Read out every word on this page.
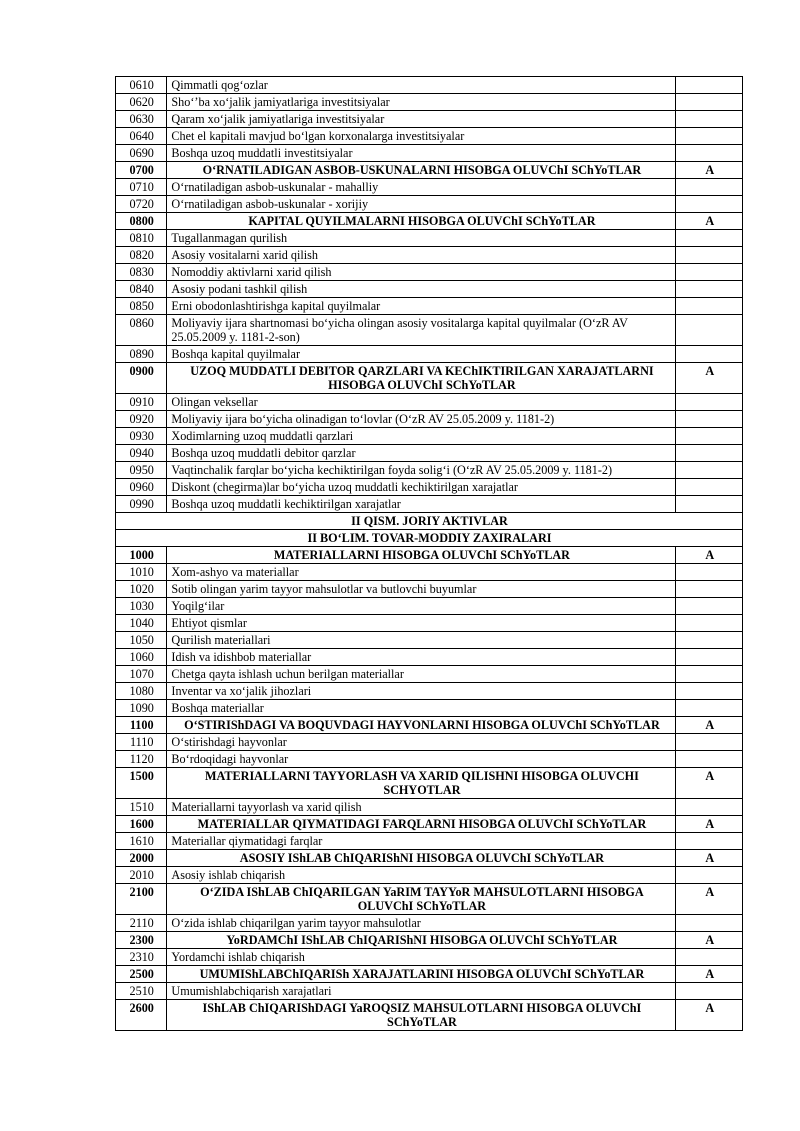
0610	Qimmatli qog‘ozlar	
0620	Sho‘’ba xo‘jalik jamiyatlariga investitsiyalar	
0630	Qaram xo‘jalik jamiyatlariga investitsiyalar	
0640	Chet el kapitali mavjud bo‘lgan korxonalarga investitsiyalar	
0690	Boshqa uzoq muddatli investitsiyalar	
0700	O‘RNATILADIGAN ASBOB-USKUNALARNI HISOBGA OLUVChI SChYoTLAR	A
0710	O‘rnatiladigan asbob-uskunalar - mahalliy	
0720	O‘rnatiladigan asbob-uskunalar - xorijiy	
0800	KAPITAL QUYILMALARNI HISOBGA OLUVChI SChYoTLAR	A
0810	Tugallanmagan qurilish	
0820	Asosiy vositalarni xarid qilish	
0830	Nomoddiy aktivlarni xarid qilish	
0840	Asosiy podani tashkil qilish	
0850	Erni obodonlashtirishga kapital quyilmalar	
0860	Moliyaviy ijara shartnomasi bo‘yicha olingan asosiy vositalarga kapital quyilmalar (O‘zR AV 25.05.2009 y. 1181-2-son)	
0890	Boshqa kapital quyilmalar	
0900	UZOQ MUDDATLI DEBITOR QARZLARI VA KEChIKTIRILGAN XARAJATLARNI HISOBGA OLUVChI SChYoTLAR	A
0910	Olingan veksellar	
0920	Moliyaviy ijara bo‘yicha olinadigan to‘lovlar (O‘zR AV 25.05.2009 y. 1181-2)	
0930	Xodimlarning uzoq muddatli qarzlari	
0940	Boshqa uzoq muddatli debitor qarzlar	
0950	Vaqtinchalik farqlar bo‘yicha kechiktirilgan foyda solig‘i (O‘zR AV 25.05.2009 y. 1181-2)	
0960	Diskont (chegirma)lar bo‘yicha uzoq muddatli kechiktirilgan xarajatlar	
0990	Boshqa uzoq muddatli kechiktirilgan xarajatlar	
II QISM. JORIY AKTIVLAR		
II BO‘LIM. TOVAR-MODDIY ZAXIRALARI		
1000	MATERIALLARNI HISOBGA OLUVChI SChYoTLAR	A
1010	Xom-ashyo va materiallar	
1020	Sotib olingan yarim tayyor mahsulotlar va butlovchi buyumlar	
1030	Yoqilg‘ilar	
1040	Ehtiyot qismlar	
1050	Qurilish materiallari	
1060	Idish va idishbob materiallar	
1070	Chetga qayta ishlash uchun berilgan materiallar	
1080	Inventar va xo‘jalik jihozlari	
1090	Boshqa materiallar	
1100	O‘STIRIShDAGI VA BOQUVDAGI HAYVONLARNI HISOBGA OLUVChI SChYoTLAR	A
1110	O‘stirishdagi hayvonlar	
1120	Bo‘rdoqidagi hayvonlar	
1500	MATERIALLARNI TAYYORLASH VA XARID QILISHNI HISOBGA OLUVCHI SCHYOTLAR	A
1510	Materiallarni tayyorlash va xarid qilish	
1600	MATERIALLAR QIYMATIDAGI FARQLARNI HISOBGA OLUVChI SChYoTLAR	A
1610	Materiallar qiymatidagi farqlar	
2000	ASOSIY IShLAB ChIQARIShNI HISOBGA OLUVChI SChYoTLAR	A
2010	Asosiy ishlab chiqarish	
2100	O‘ZIDA IShLAB ChIQARILGAN YaRIM TAYYoR MAHSULOTLARNI HISOBGA OLUVChI SChYoTLAR	A
2110	O‘zida ishlab chiqarilgan yarim tayyor mahsulotlar	
2300	YoRDAMChI IShLAB ChIQARIShNI HISOBGA OLUVChI SChYoTLAR	A
2310	Yordamchi ishlab chiqarish	
2500	UMUMIShLABChIQARISh XARAJATLARINI HISOBGA OLUVChI SChYoTLAR	A
2510	Umumishlabchiqarish xarajatlari	
2600	IShLAB ChIQARIShDAGI YaROQSIZ MAHSULOTLARNI HISOBGA OLUVChI SChYoTLAR	A
